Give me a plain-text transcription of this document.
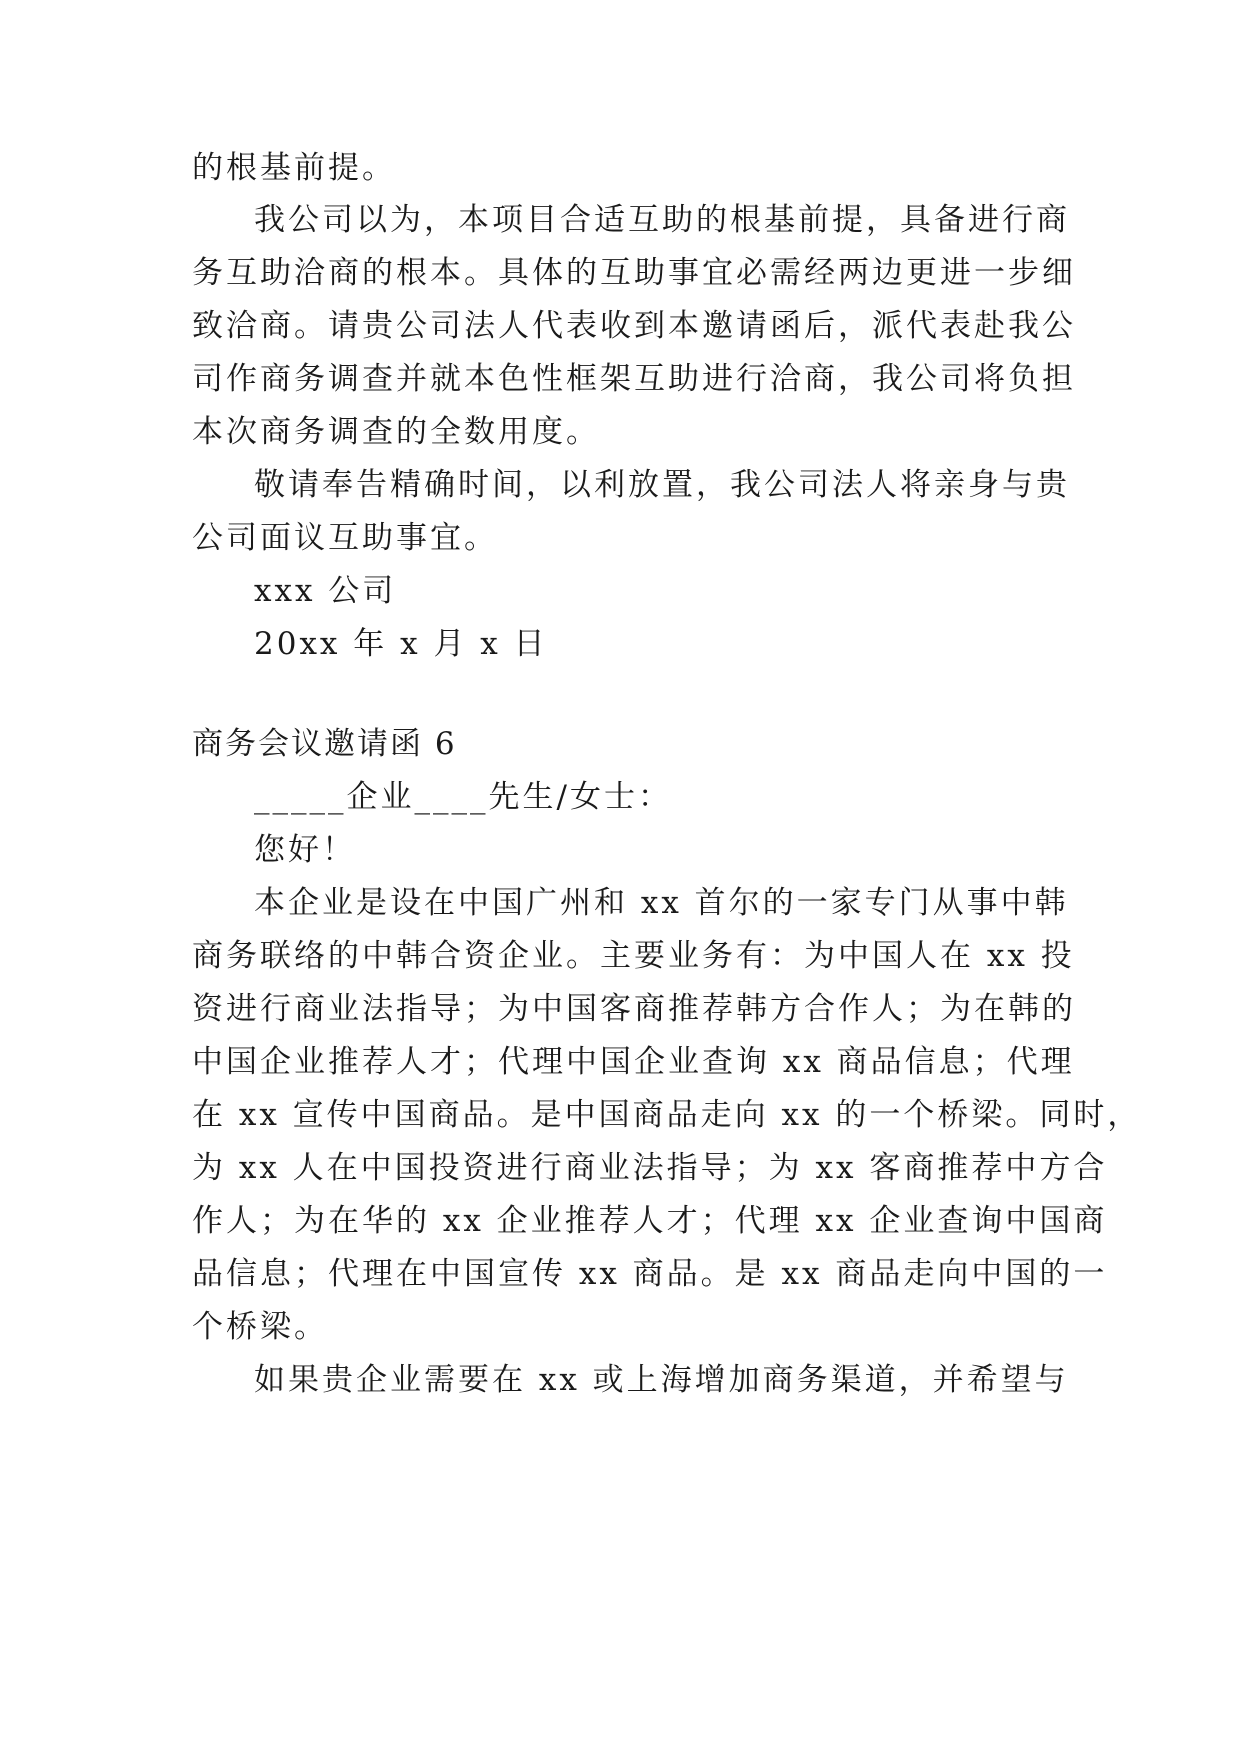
的根基前提。
我公司以为，本项目合适互助的根基前提，具备进行商
务互助洽商的根本。具体的互助事宜必需经两边更进一步细
致洽商。请贵公司法人代表收到本邀请函后，派代表赴我公
司作商务调查并就本色性框架互助进行洽商，我公司将负担
本次商务调查的全数用度。
敬请奉告精确时间，以利放置，我公司法人将亲身与贵
公司面议互助事宜。
xxx 公司
20xx 年 x 月 x 日
商务会议邀请函 6
_____企业____先生/女士：
您好！
本企业是设在中国广州和 xx 首尔的一家专门从事中韩
商务联络的中韩合资企业。主要业务有：为中国人在 xx 投
资进行商业法指导；为中国客商推荐韩方合作人；为在韩的
中国企业推荐人才；代理中国企业查询 xx 商品信息；代理
在 xx 宣传中国商品。是中国商品走向 xx 的一个桥梁。同时，
为 xx 人在中国投资进行商业法指导；为 xx 客商推荐中方合
作人；为在华的 xx 企业推荐人才；代理 xx 企业查询中国商
品信息；代理在中国宣传 xx 商品。是 xx 商品走向中国的一
个桥梁。
如果贵企业需要在 xx 或上海增加商务渠道，并希望与
